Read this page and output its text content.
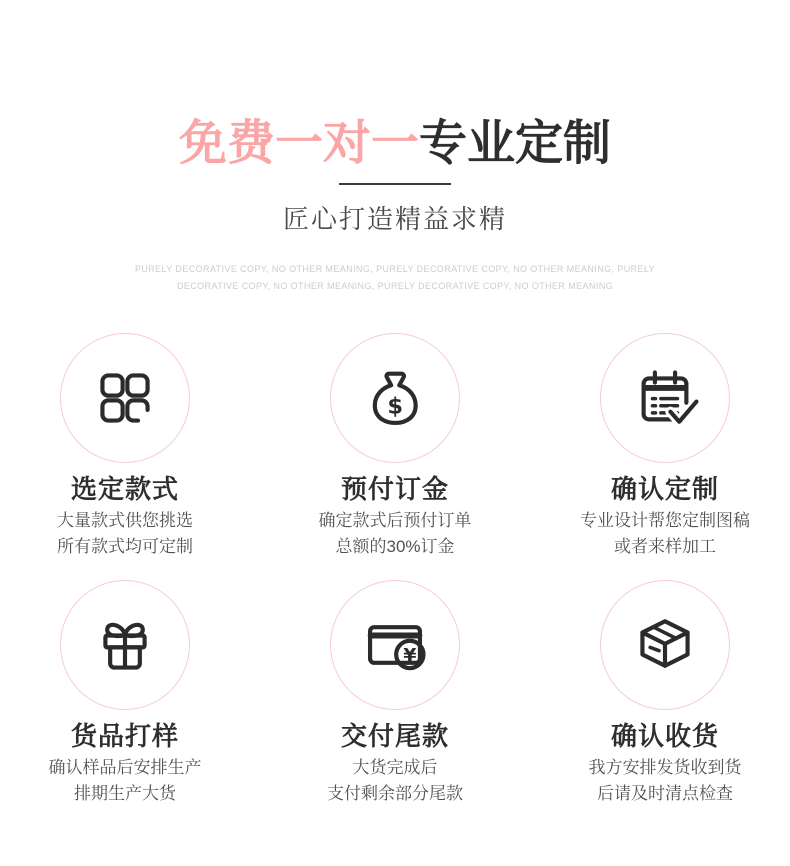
免费一对一专业定制
匠心打造精益求精
PURELY DECORATIVE COPY, NO OTHER MEANING, PURELY DECORATIVE COPY, NO OTHER MEANING, PURELY DECORATIVE COPY, NO OTHER MEANING, PURELY DECORATIVE COPY, NO OTHER MEANING
选定款式
大量款式供您挑选
所有款式均可定制
$
预付订金
确定款式后预付订单
总额的30%订金
确认定制
专业设计帮您定制图稿
或者来样加工
货品打样
确认样品后安排生产
排期生产大货
¥
交付尾款
大货完成后
支付剩余部分尾款
确认收货
我方安排发货收到货
后请及时清点检查
